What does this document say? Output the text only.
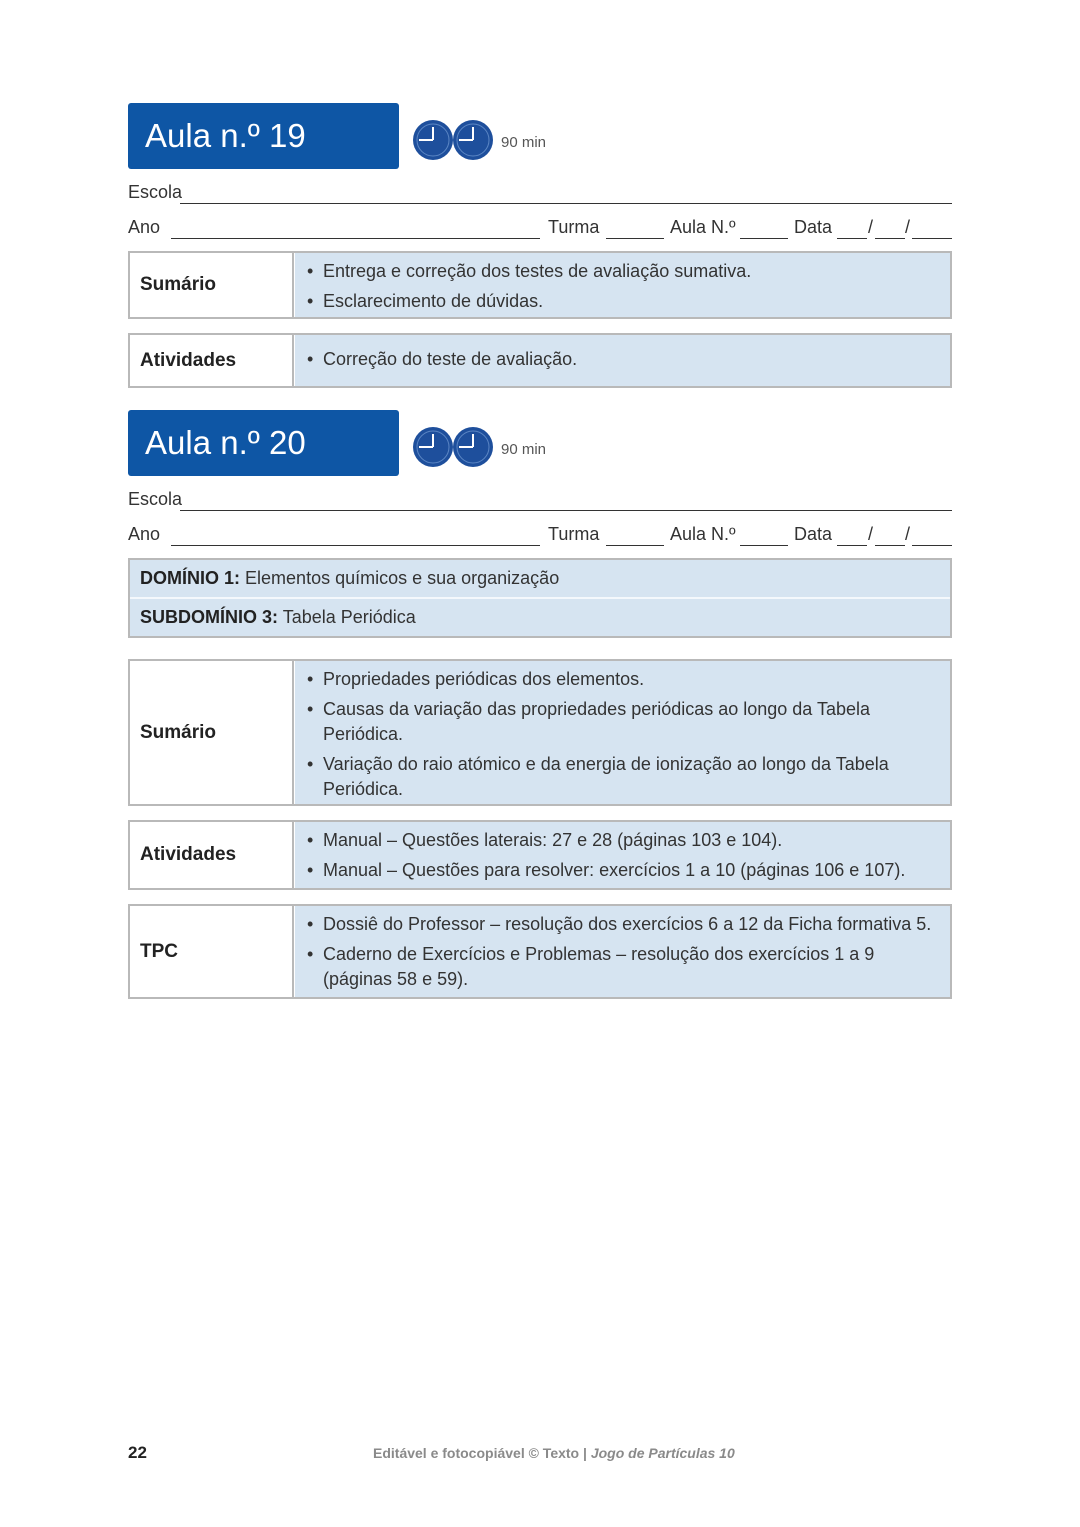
Aula n.º 19	90 min
Escola
Ano	Turma	Aula N.º	Data / /
Sumário
• Entrega e correção dos testes de avaliação sumativa.
• Esclarecimento de dúvidas.
Atividades
•	Correção do teste de avaliação.
Aula n.º 20	90 min
Escola
Ano	Turma	Aula N.º	Data / /
DOMÍNIO 1: Elementos químicos e sua organização
SUBDOMÍNIO 3: Tabela Periódica
Sumário
• Propriedades periódicas dos elementos.
• Causas da variação das propriedades periódicas ao longo da Tabela Periódica.
• Variação do raio atómico e da energia de ionização ao longo da Tabela Periódica.
Atividades
• Manual – Questões laterais: 27 e 28 (páginas 103 e 104).
• Manual – Questões para resolver: exercícios 1 a 10 (páginas 106 e 107).
TPC
• Dossiê do Professor – resolução dos exercícios 6 a 12 da Ficha formativa 5.
• Caderno de Exercícios e Problemas – resolução dos exercícios 1 a 9 (páginas 58 e 59).
22	Editável e fotocopiável © Texto | Jogo de Partículas 10
